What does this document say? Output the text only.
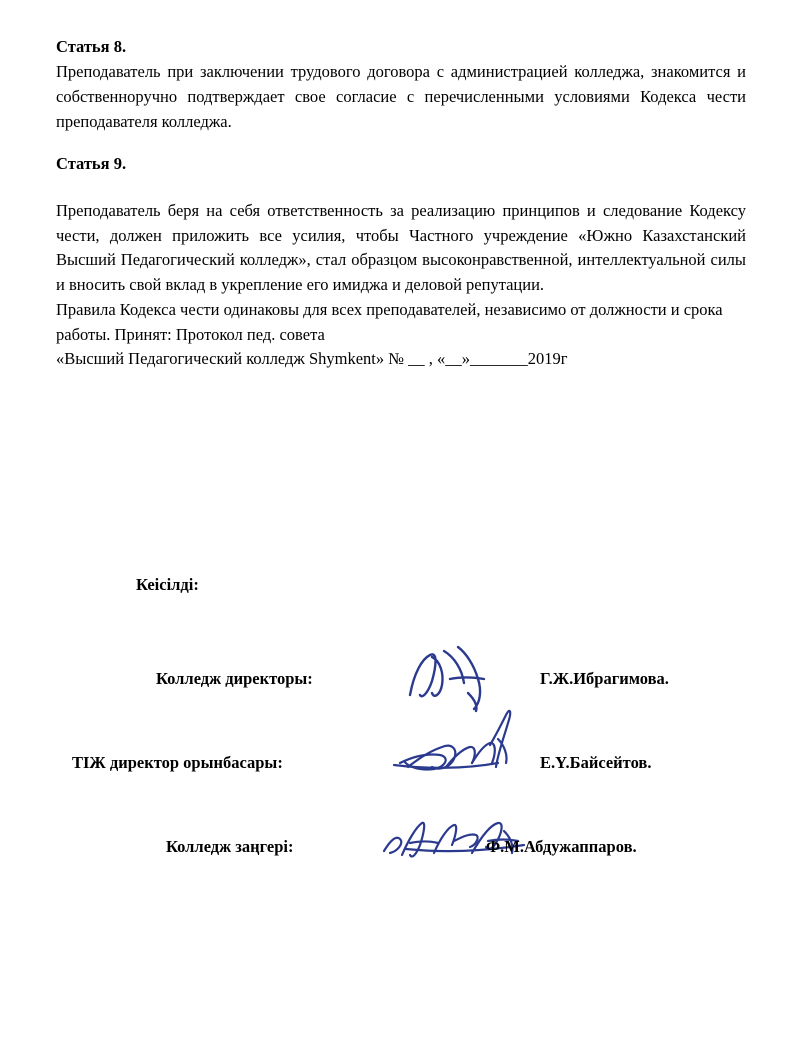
Статья 8.

Преподаватель при заключении трудового договора с администрацией колледжа, знакомится и собственноручно подтверждает свое согласие с перечисленными условиями Кодекса чести преподавателя колледжа.

Статья 9.

Преподаватель беря на себя ответственность за реализацию принципов и следование Кодексу чести, должен приложить все усилия, чтобы Частного учреждение «Южно Казахстанский Высший Педагогический колледж», стал образцом высоконравственной, интеллектуальной силы и вносить свой вклад в укрепление его имиджа и деловой репутации.

Правила Кодекса чести одинаковы для всех преподавателей, независимо от должности и срока работы. Принят: Протокол пед. совета

«Высший Педагогический колледж Shymkent» № __ , «__»_______2019г

Кеісілді:
Колледж директоры:	Г.Ж.Ибрагимова.
ТІЖ директор орынбасары:	Е.Y.Байсейтов.
Колледж заңгері:	Ф.М.Абдужаппаров.
